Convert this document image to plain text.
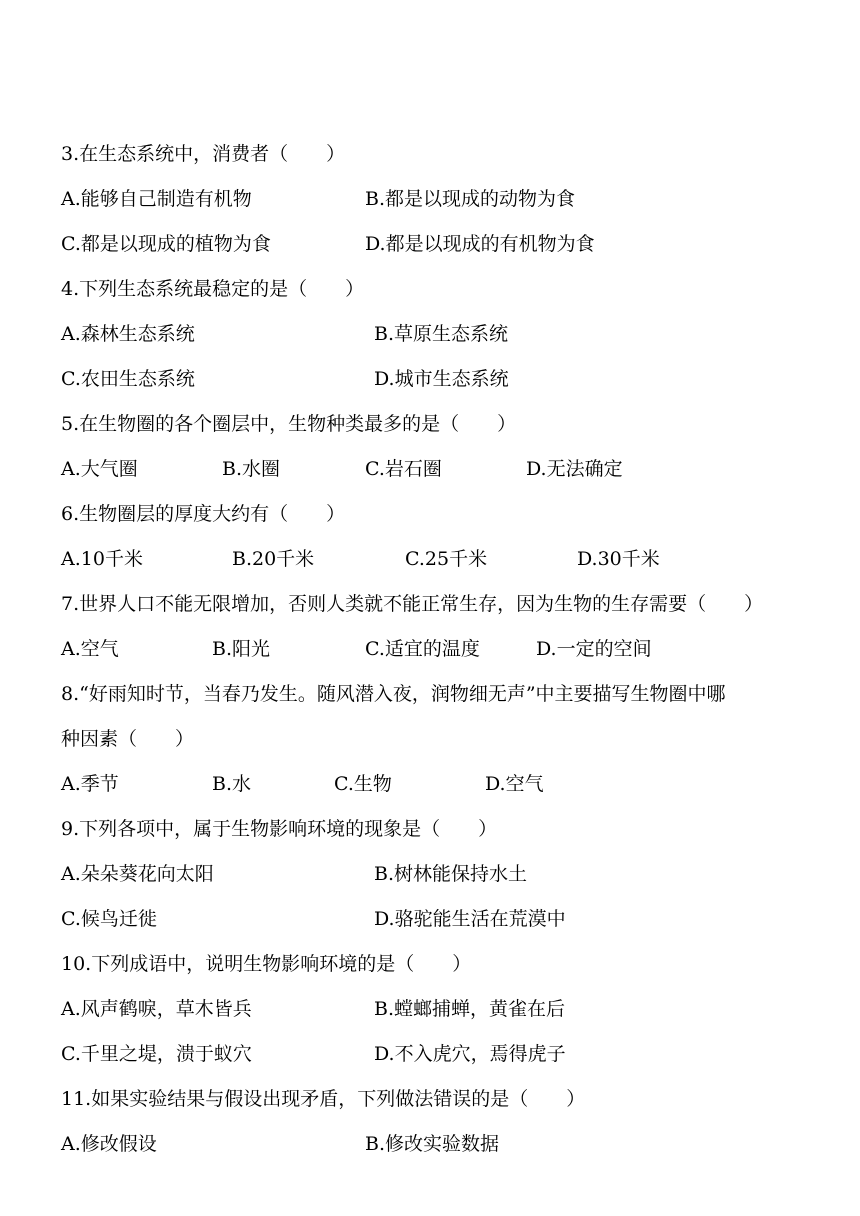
3.在生态系统中，消费者（　　）
A.能够自己制造有机物	B.都是以现成的动物为食
C.都是以现成的植物为食	D.都是以现成的有机物为食
4.下列生态系统最稳定的是（　　）
A.森林生态系统	B.草原生态系统
C.农田生态系统	D.城市生态系统
5.在生物圈的各个圈层中，生物种类最多的是（　　）
A.大气圈	B.水圈	C.岩石圈	D.无法确定
6.生物圈层的厚度大约有（　　）
A.10千米	B.20千米	C.25千米	D.30千米
7.世界人口不能无限增加，否则人类就不能正常生存，因为生物的生存需要（　　）
A.空气	B.阳光	C.适宜的温度	D.一定的空间
8.“好雨知时节，当春乃发生。随风潜入夜，润物细无声”中主要描写生物圈中哪
种因素（　　）
A.季节	B.水	C.生物	D.空气
9.下列各项中，属于生物影响环境的现象是（　　）
A.朵朵葵花向太阳	B.树林能保持水土
C.候鸟迁徙	D.骆驼能生活在荒漠中
10.下列成语中，说明生物影响环境的是（　　）
A.风声鹤唳，草木皆兵	B.螳螂捕蝉，黄雀在后
C.千里之堤，溃于蚁穴	D.不入虎穴，焉得虎子
11.如果实验结果与假设出现矛盾，下列做法错误的是（　　）
A.修改假设	B.修改实验数据
